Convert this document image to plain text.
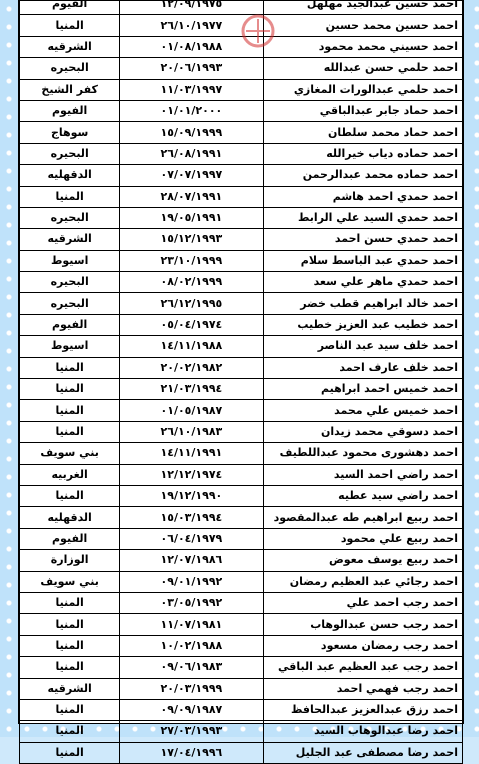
احمد حسين عبدالجيد مهلهل	١٢/٠٩/١٩٧٥	الفيوم
احمد حسين محمد حسين	٢٦/١٠/١٩٧٧	المنيا
احمد حسيني محمد محمود	٠١/٠٨/١٩٨٨	الشرقيه
احمد حلمي حسن عبدالله	٢٠/٠٦/١٩٩٣	البحيره
احمد حلمي عبدالورات المغازي	١١/٠٣/١٩٩٧	كفر الشيخ
احمد حماد جابر عبدالباقي	٠١/٠١/٢٠٠٠	الفيوم
احمد حماد محمد سلطان	١٥/٠٩/١٩٩٩	سوهاج
احمد حماده دياب خيرالله	٢٦/٠٨/١٩٩١	البحيره
احمد حماده محمد عبدالرحمن	٠٧/٠٧/١٩٩٧	الدقهليه
احمد حمدي احمد هاشم	٢٨/٠٧/١٩٩١	المنيا
احمد حمدي السيد علي الرابط	١٩/٠٥/١٩٩١	البحيره
احمد حمدي حسن احمد	١٥/١٢/١٩٩٣	الشرقيه
احمد حمدي عبد الباسط سلام	٢٣/١٠/١٩٩٩	اسيوط
احمد حمدي ماهر علي سعد	٠٨/٠٢/١٩٩٩	البحيره
احمد خالد ابراهيم قطب خضر	٢٦/١٢/١٩٩٥	البحيره
احمد خطيب عبد العزيز خطيب	٠٥/٠٤/١٩٧٤	الفيوم
احمد خلف سيد عبد الناصر	١٤/١١/١٩٨٨	اسيوط
احمد خلف عارف احمد	٢٠/٠٢/١٩٨٢	المنيا
احمد خميس احمد ابراهيم	٢١/٠٣/١٩٩٤	المنيا
احمد خميس علي محمد	٠١/٠٥/١٩٨٧	المنيا
احمد دسوقي محمد زيدان	٢٦/١٠/١٩٨٣	المنيا
احمد دهشورى محمود عبداللطيف	١٤/١١/١٩٩١	بني سويف
احمد راضي احمد السيد	١٢/١٢/١٩٧٤	الغربيه
احمد راضي سيد عطيه	١٩/١٢/١٩٩٠	المنيا
احمد ربيع ابراهيم طه عبدالمقصود	١٥/٠٣/١٩٩٤	الدقهليه
احمد ربيع علي محمود	٠٦/٠٤/١٩٧٩	الفيوم
احمد ربيع يوسف معوض	١٢/٠٧/١٩٨٦	الوزارة
احمد رجائي عبد العظيم رمضان	٠٩/٠١/١٩٩٢	بني سويف
احمد رجب احمد علي	٠٣/٠٥/١٩٩٢	المنيا
احمد رجب حسن عبدالوهاب	١١/٠٧/١٩٨١	المنيا
احمد رجب رمضان مسعود	١٠/٠٢/١٩٨٨	المنيا
احمد رجب عبد العظيم عبد الباقي	٠٩/٠٦/١٩٨٣	المنيا
احمد رجب فهمي احمد	٢٠/٠٣/١٩٩٩	الشرقيه
احمد رزق عبدالعزيز عبدالحافظ	٠٩/٠٩/١٩٨٧	المنيا
احمد رضا عبدالوهاب السيد	٢٧/٠٣/١٩٩٣	المنيا
احمد رضا مصطفى عبد الجليل	١٧/٠٤/١٩٩٦	المنيا
